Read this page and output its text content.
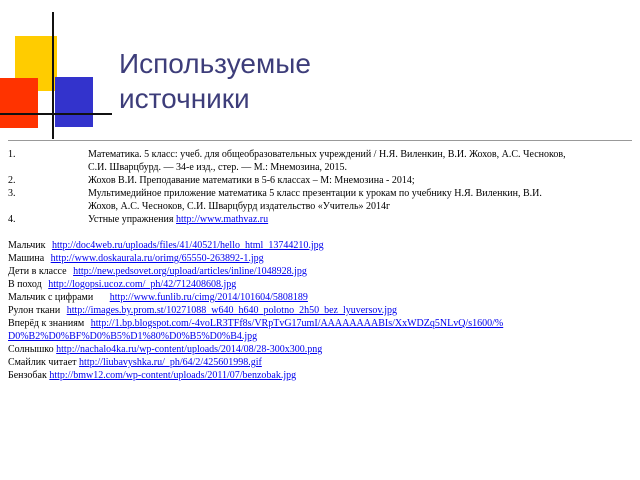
Используемые
источники
1.	Математика. 5 класс: учеб. для общеобразовательных учреждений / Н.Я. Виленкин, В.И. Жохов, А.С. Чесноков,
С.И. Шварцбурд. — 34-е изд., стер. — М.: Мнемозина, 2015.
2.	Жохов В.И. Преподавание математики в 5-6 классах – М: Мнемозина - 2014;
3.	Мультимедийное приложение математика 5 класс презентации к урокам по учебнику Н.Я. Виленкин, В.И.
Жохов, А.С. Чесноков, С.И. Шварцбурд издательство «Учитель» 2014г
4.	Устные упражнения http://www.mathvaz.ru
Мальчик http://doc4web.ru/uploads/files/41/40521/hello_html_13744210.jpg
Машина http://www.doskaurala.ru/orimg/65550-263892-1.jpg
Дети в классе http://new.pedsovet.org/upload/articles/inline/1048928.jpg
В поход http://logopsi.ucoz.com/_ph/42/712408608.jpg
Мальчик с цифрами http://www.funlib.ru/cimg/2014/101604/5808189
Рулон ткани http://images.by.prom.st/10271088_w640_h640_polotno_2h50_bez_lyuversov.jpg
Вперёд к знаниям http://1.bp.blogspot.com/-4voLR3TFf8s/VRpTvG17umI/AAAAAAAABIs/XxWDZq5NLvQ/s1600/%
D0%B2%D0%BF%D0%B5%D1%80%D0%B5%D0%B4.jpg
Солнышко http://nachalo4ka.ru/wp-content/uploads/2014/08/28-300x300.png
Смайлик читает http://liubavyshka.ru/_ph/64/2/425601998.gif
Бензобак http://bmw12.com/wp-content/uploads/2011/07/benzobak.jpg
